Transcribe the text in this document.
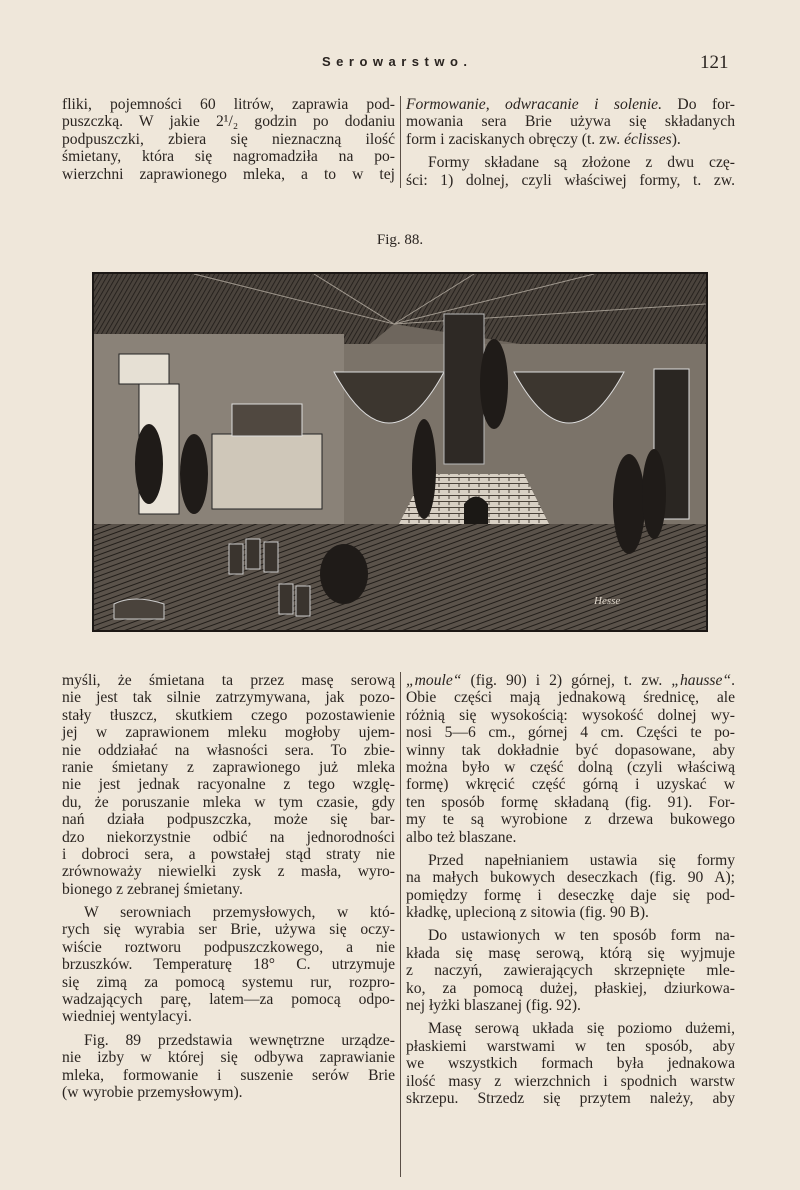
Serowarstwo.	121
fliki, pojemności 60 litrów, zaprawia pod-
puszczką. W jakie 2¹/₂ godzin po dodaniu
podpuszczki, zbiera się nieznaczną ilość
śmietany, która się nagromadziła na po-
wierzchni zaprawionego mleka, a to w tej
Formowanie, odwracanie i solenie. Do for-
mowania sera Brie używa się składanych
form i zaciskanych obręczy (t. zw. éclisses).
Formy składane są złożone z dwu czę-
ści: 1) dolnej, czyli właściwej formy, t. zw.
Fig. 88.
Hesse
myśli, że śmietana ta przez masę serową
nie jest tak silnie zatrzymywana, jak pozo-
stały tłuszcz, skutkiem czego pozostawienie
jej w zaprawionem mleku mogłoby ujem-
nie oddziałać na własności sera. To zbie-
ranie śmietany z zaprawionego już mleka
nie jest jednak racyonalne z tego wzglę-
du, że poruszanie mleka w tym czasie, gdy
nań działa podpuszczka, może się bar-
dzo niekorzystnie odbić na jednorodności
i dobroci sera, a powstałej stąd straty nie
zrównoważy niewielki zysk z masła, wyro-
bionego z zebranej śmietany.
W serowniach przemysłowych, w któ-
rych się wyrabia ser Brie, używa się oczy-
wiście roztworu podpuszczkowego, a nie
brzuszków. Temperaturę 18° C. utrzymuje
się zimą za pomocą systemu rur, rozpro-
wadzających parę, latem—za pomocą odpo-
wiedniej wentylacyi.
Fig. 89 przedstawia wewnętrzne urządze-
nie izby w której się odbywa zaprawianie
mleka, formowanie i suszenie serów Brie
(w wyrobie przemysłowym).
„moule“ (fig. 90) i 2) górnej, t. zw. „hausse“.
Obie części mają jednakową średnicę, ale
różnią się wysokością: wysokość dolnej wy-
nosi 5—6 cm., górnej 4 cm. Części te po-
winny tak dokładnie być dopasowane, aby
można było w część dolną (czyli właściwą
formę) wkręcić część górną i uzyskać w
ten sposób formę składaną (fig. 91). For-
my te są wyrobione z drzewa bukowego
albo też blaszane.
Przed napełnianiem ustawia się formy
na małych bukowych deseczkach (fig. 90 A);
pomiędzy formę i deseczkę daje się pod-
kładkę, uplecioną z sitowia (fig. 90 B).
Do ustawionych w ten sposób form na-
kłada się masę serową, którą się wyjmuje
z naczyń, zawierających skrzepnięte mle-
ko, za pomocą dużej, płaskiej, dziurkowa-
nej łyżki blaszanej (fig. 92).
Masę serową układa się poziomo dużemi,
płaskiemi warstwami w ten sposób, aby
we wszystkich formach była jednakowa
ilość masy z wierzchnich i spodnich warstw
skrzepu. Strzedz się przytem należy, aby
